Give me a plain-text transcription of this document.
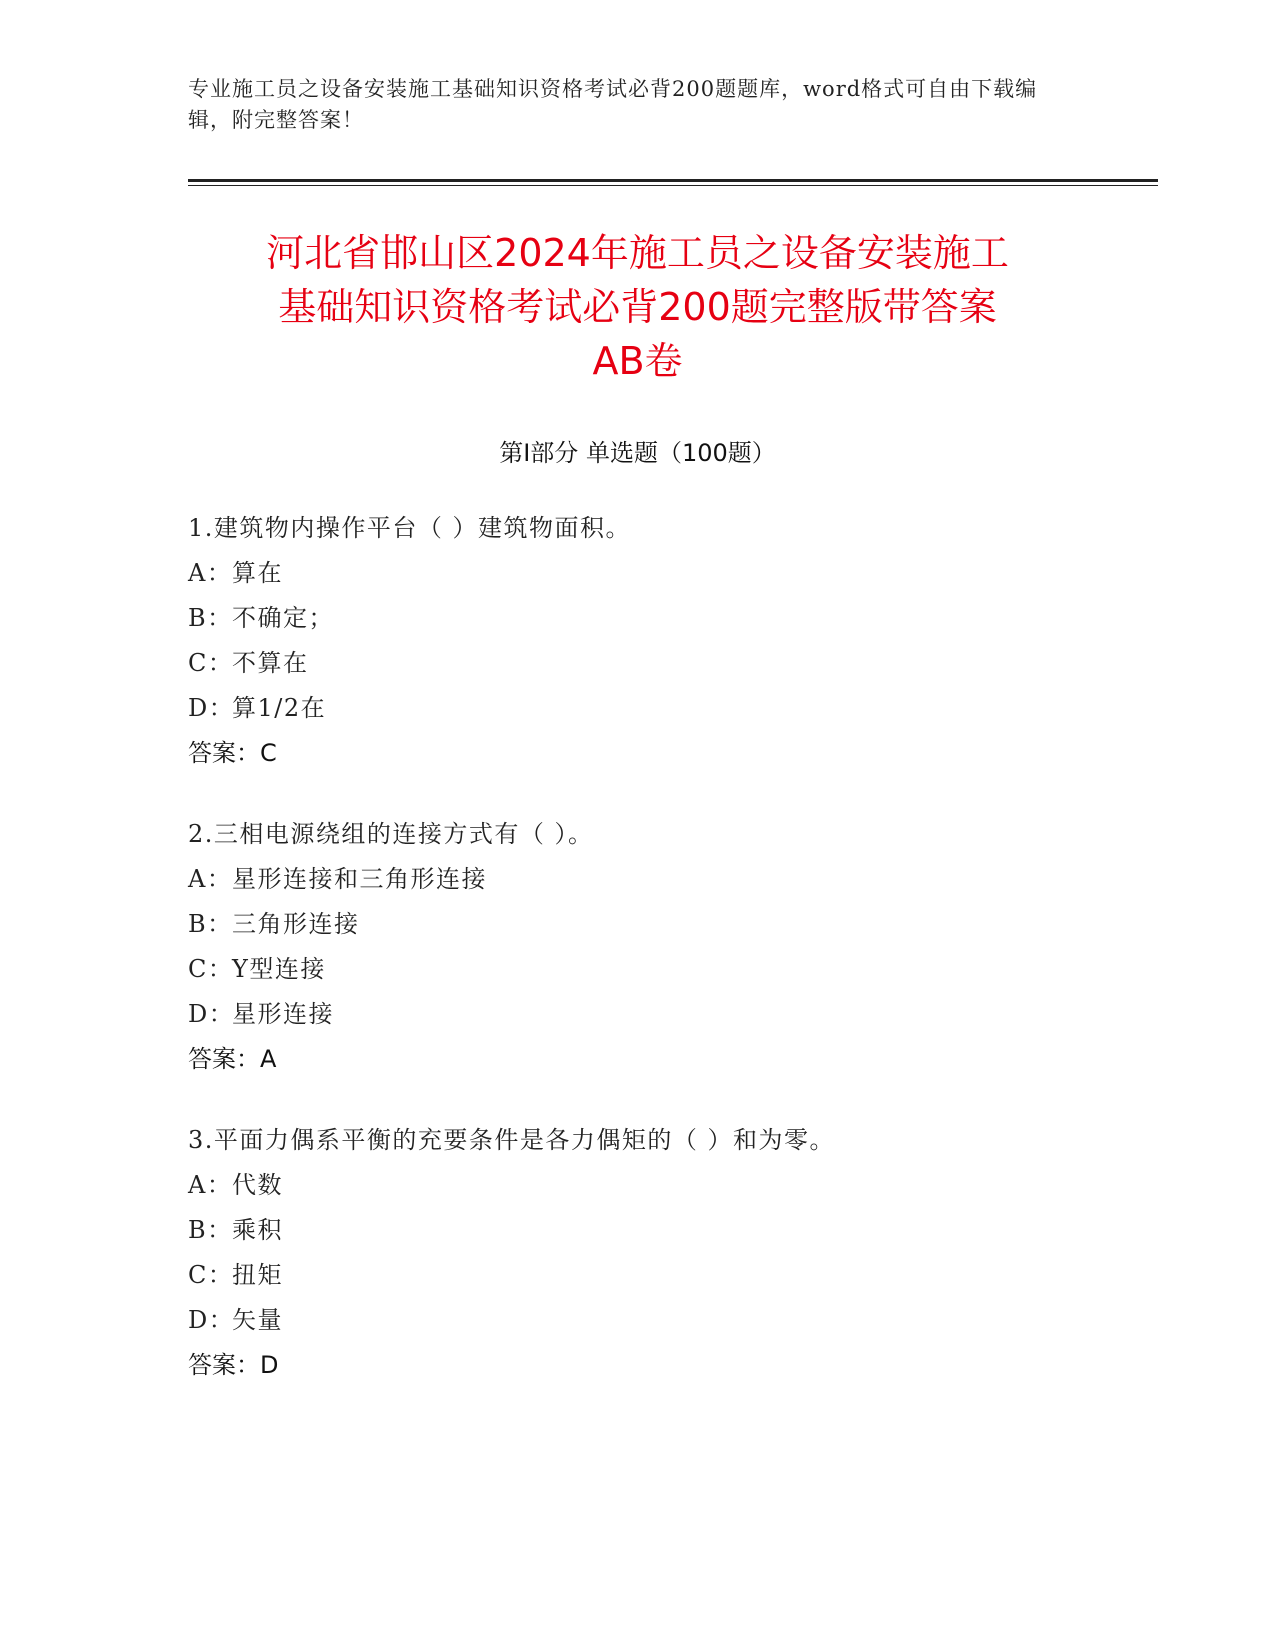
专业施工员之设备安装施工基础知识资格考试必背200题题库，word格式可自由下载编辑，附完整答案！
河北省邯山区2024年施工员之设备安装施工
基础知识资格考试必背200题完整版带答案
AB卷
第I部分 单选题（100题）
1.建筑物内操作平台（ ）建筑物面积。
A：算在
B：不确定；
C：不算在
D：算1/2在
答案：C
2.三相电源绕组的连接方式有（ ）。
A：星形连接和三角形连接
B：三角形连接
C：Y型连接
D：星形连接
答案：A
3.平面力偶系平衡的充要条件是各力偶矩的（ ）和为零。
A：代数
B：乘积
C：扭矩
D：矢量
答案：D
